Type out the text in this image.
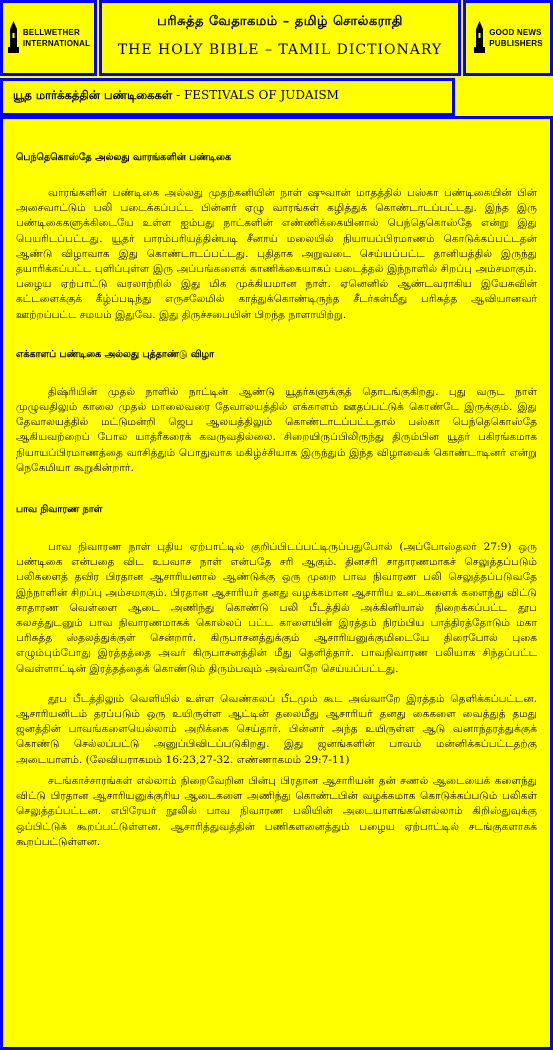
BELLWETHER
INTERNATIONAL
பரிசுத்த வேதாகமம் – தமிழ் சொல்கராதி
THE HOLY BIBLE – TAMIL DICTIONARY
GOOD NEWS
PUBLISHERS
யூத மார்க்கத்தின் பண்டிகைகள் - FESTIVALS OF JUDAISM
பெந்தெகொஸ்தே அல்லது வாரங்களின் பண்டிகை
வாரங்களின் பண்டிகை அல்லது முதற்கனியின் நாள் ஷுவான் மாதத்தில் பஸ்கா பண்டிகையின் பின் அசைவாட்டும் பலி படைக்கப்பட்ட பின்னர் ஏழு வாரங்கள் கழித்துக் கொண்டாடப்பட்டது. இந்த இரு பண்டிகைகளுக்கிடையே உள்ள ஐம்பது நாட்களின் எண்ணிக்கையினால் பெந்தெகொஸ்தே என்று இது பெயரிடப்பட்டது. யூதர் பாரம்பரியத்தின்படி சீனாய் மலையில் நியாயப்பிரமாணம் கொடுக்கப்பட்டதன் ஆண்டு விழாவாக இது கொண்டாடப்பட்டது. புதிதாக அறுவடை செய்யப்பட்ட தானியத்தில் இருந்து தயாரிக்கப்பட்ட புளிப்புள்ள இரு அப்பங்களைக் காணிக்கையாகப் படைத்தல் இந்நாளில் சிறப்பு அம்சமாகும். பழைய ஏற்பாட்டு வரலாற்றில் இது மிக முக்கியமான நாள். ஏனெனில் ஆண்டவராகிய இயேசுவின் கட்டளைக்குக் கீழ்ப்படிந்து எருசலேமில் காத்துக்கொண்டிருந்த சீடர்கள்மீது பரிசுத்த ஆவியானவர் ஊற்றப்பட்ட சமயம் இதுவே. இது திருச்சபையின் பிறந்த நாளாயிற்று.
எக்காளப் பண்டிகை அல்லது புத்தாண்டு விழா
திஷ்ரியின் முதல் நாளில் நாட்டின் ஆண்டு யூதர்களுக்குத் தொடங்குகிறது. புது வருட நாள் முழுவதிலும் காலை முதல் மாலைவரை தேவாலயத்தில் எக்காளம் ஊதப்பட்டுக் கொண்டே இருக்கும். இது தேவாலயத்தில் மட்டுமன்றி ஜெப ஆலயத்திலும் கொண்டாடப்பட்டதால் பஸ்கா பெந்தெகொஸ்தே ஆகியவற்றைப் போல யாத்ரீகரைக் கவருவதில்லை. சிறையிருப்பிலிருந்து திரும்பின யூதர் பகிரங்கமாக நியாயப்பிரமாணத்தை வாசித்தும் பொதுவாக மகிழ்ச்சியாக இருந்தும் இந்த விழாவைக் கொண்டாடினர் என்று நெகேமியா கூறுகின்றார்.
பாவ நிவாரண நாள்
பாவ நிவாரண நாள் புதிய ஏற்பாட்டில் குறிப்பிடப்பட்டிருப்பதுபோல் (அப்போஸ்தலர் 27:9) ஒரு பண்டிகை என்பதை விட உபவாச நாள் என்பதே சரி ஆகும். தினசரி சாதாரணமாகச் செலுத்தப்படும் பலிகளைத் தவிர பிரதான ஆசாரியனால் ஆண்டுக்கு ஒரு முறை பாவ நிவாரண பலி செலுத்தப்படுவதே இந்நாளின் சிறப்பு அம்சமாகும். பிரதான ஆசாரியர் தனது வழக்கமான ஆசாரிய உடைகளைக் களைந்து விட்டு சாதாரண வெள்ளை ஆடை அணிந்து கொண்டு பலி பீடத்தில் அக்கினியால் நிறைக்கப்பட்ட தூப கலசத்துடனும் பாவ நிவாரணமாகக் கொல்லப் பட்ட காளையின் இரத்தம் நிரம்பிய பாத்திரத்தோடும் மகா பரிசுத்த ஸ்தலத்துக்குள் சென்றார். கிருபாசனத்துக்கும் ஆசாரியனுக்குமிடையே திரைபோல் புகை எழும்பும்போது இரத்தத்தை அவர் கிருபாசனத்தின் மீது தெளித்தார். பாவநிவாரண பலியாக சிந்தப்பட்ட வெள்ளாட்டின் இரத்தத்தைக் கொண்டும் திரும்பவும் அவ்வாறே செய்யப்பட்டது.
தூப பீடத்திலும் வெளியில் உள்ள வெண்கலப் பீடமும் கூட அவ்வாறே இரத்தம் தெளிக்கப்பட்டன. ஆசாரியனிடம் தரப்படும் ஒரு உயிருள்ள ஆட்டின் தலைமீது ஆசாரியர் தனது கைகளை வைத்துத் தமது ஜனத்தின் பாவங்களையெல்லாம் அறிக்கை செய்தார். பின்னர் அந்த உயிருள்ள ஆடு வனாந்தரத்துக்குக் கொண்டு செல்லப்பட்டு அனுப்பிவிடப்படுகிறது. இது ஜனங்களின் பாவம் மன்னிக்கப்பட்டதற்கு அடையாளம். (லேவியராகமம் 16:23,27-32. எண்ணாகமம் 29:7-11)
சடங்காச்சாரங்கள் எல்லாம் நிறைவேறின பின்பு பிரதான ஆசாரியன் தன் சணல் ஆடையைக் களைந்து விட்டு பிரதான ஆசாரியனுக்குரிய ஆடைகளை அணிந்து கொண்டபின் வழக்கமாக கொடுக்கப்படும் பலிகள் செலுத்தப்பட்டன. எபிரேயர் நூலில் பாவ நிவாரண பலியின் அடையாளங்களெல்லாம் கிறிஸ்துவுக்கு ஒப்பிட்டுக் கூறப்பட்டுள்ளன. ஆசாரித்துவத்தின் பணிகளனைத்தும் பழைய ஏற்பாட்டில் சடங்குகளாகக் கூறப்பட்டுள்ளன.
